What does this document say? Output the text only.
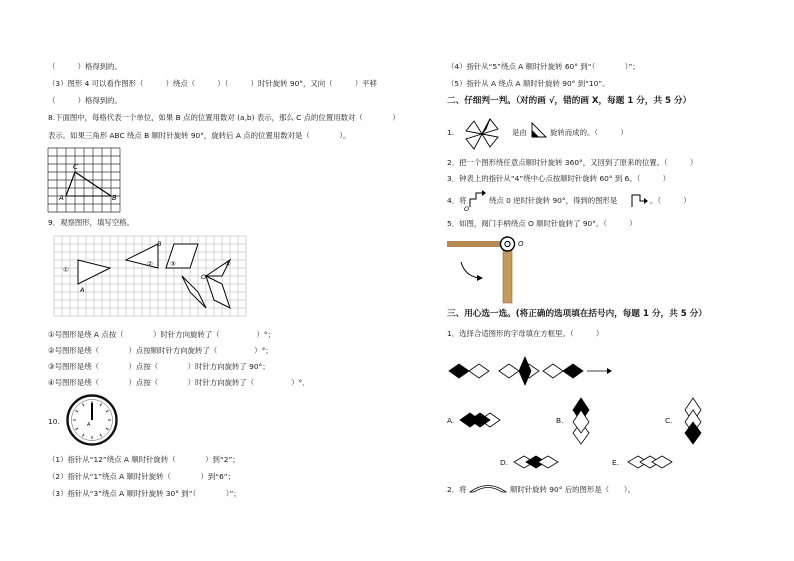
（　　　）格得到的。
（3）图形 4 可以看作图形（　　　）绕点（　　　）（　　　）时针旋转 90°，又向（　　　）平移
（　　　）格得到的。
8.下面图中，每格代表一个单位，如果 B 点的位置用数对 (a,b) 表示，那么 C 点的位置用数对（　　　　）
表示。如果三角形 ABC 绕点 B 顺时针旋转 90°，旋转后 A 点的位置用数对是（　　　　）。
A
C
B
9．观察图形，填写空格。
①
②	③	④
A
B
O
①号图形是绕 A 点按（　　　　）时针方向旋转了（　　　　　）°；
②号图形是绕（　　　　）点按顺时针方向旋转了（　　　　　）°；
③号图形是绕（　　　　）点按（　　　　）时针方向旋转了 90°；
④号图形是绕（　　　　）点按（　　　　）时针方向旋转了（　　　　　）°．
10.	A
（1）指针从“12”绕点 A 顺时针旋转（　　　　）到“2”；
（2）指针从“1”绕点 A 顺时针旋转（　　　　）到“6”；
（3）指针从“3”绕点 A 顺时针旋转 30° 到“（　　　　）”；
（4）指针从“5”绕点 A 顺时针旋转 60° 到“（　　　　）”；
（5）指针从 A 绕点 A 顺时针旋转 90° 到“10”。
二、仔细判一判。（对的画 √，错的画 X，每题 1 分，共 5 分）
1.	是由	旋转而成的。（　　　）
2．把一个图形绕任意点顺时针旋转 360°，又回到了原来的位置。（　　　）
3．钟表上的指针从“4”绕中心点按顺时针旋转 60° 到 6。（　　　）
4．将
O
绕点 0 逆时针旋转 90°，得到的图形是	。（　　　）
5．如图，阀门手柄绕点 O 顺时针旋转了 90°。（　　　）
O
三、用心选一选。(将正确的选项填在括号内，每题 1 分，共 5 分）
1．选择合适图形的字母填在方框里。（　　　）
A.	B.	C.
D.	E.
2．将	顺时针旋转 90° 后的图形是（　　）。
